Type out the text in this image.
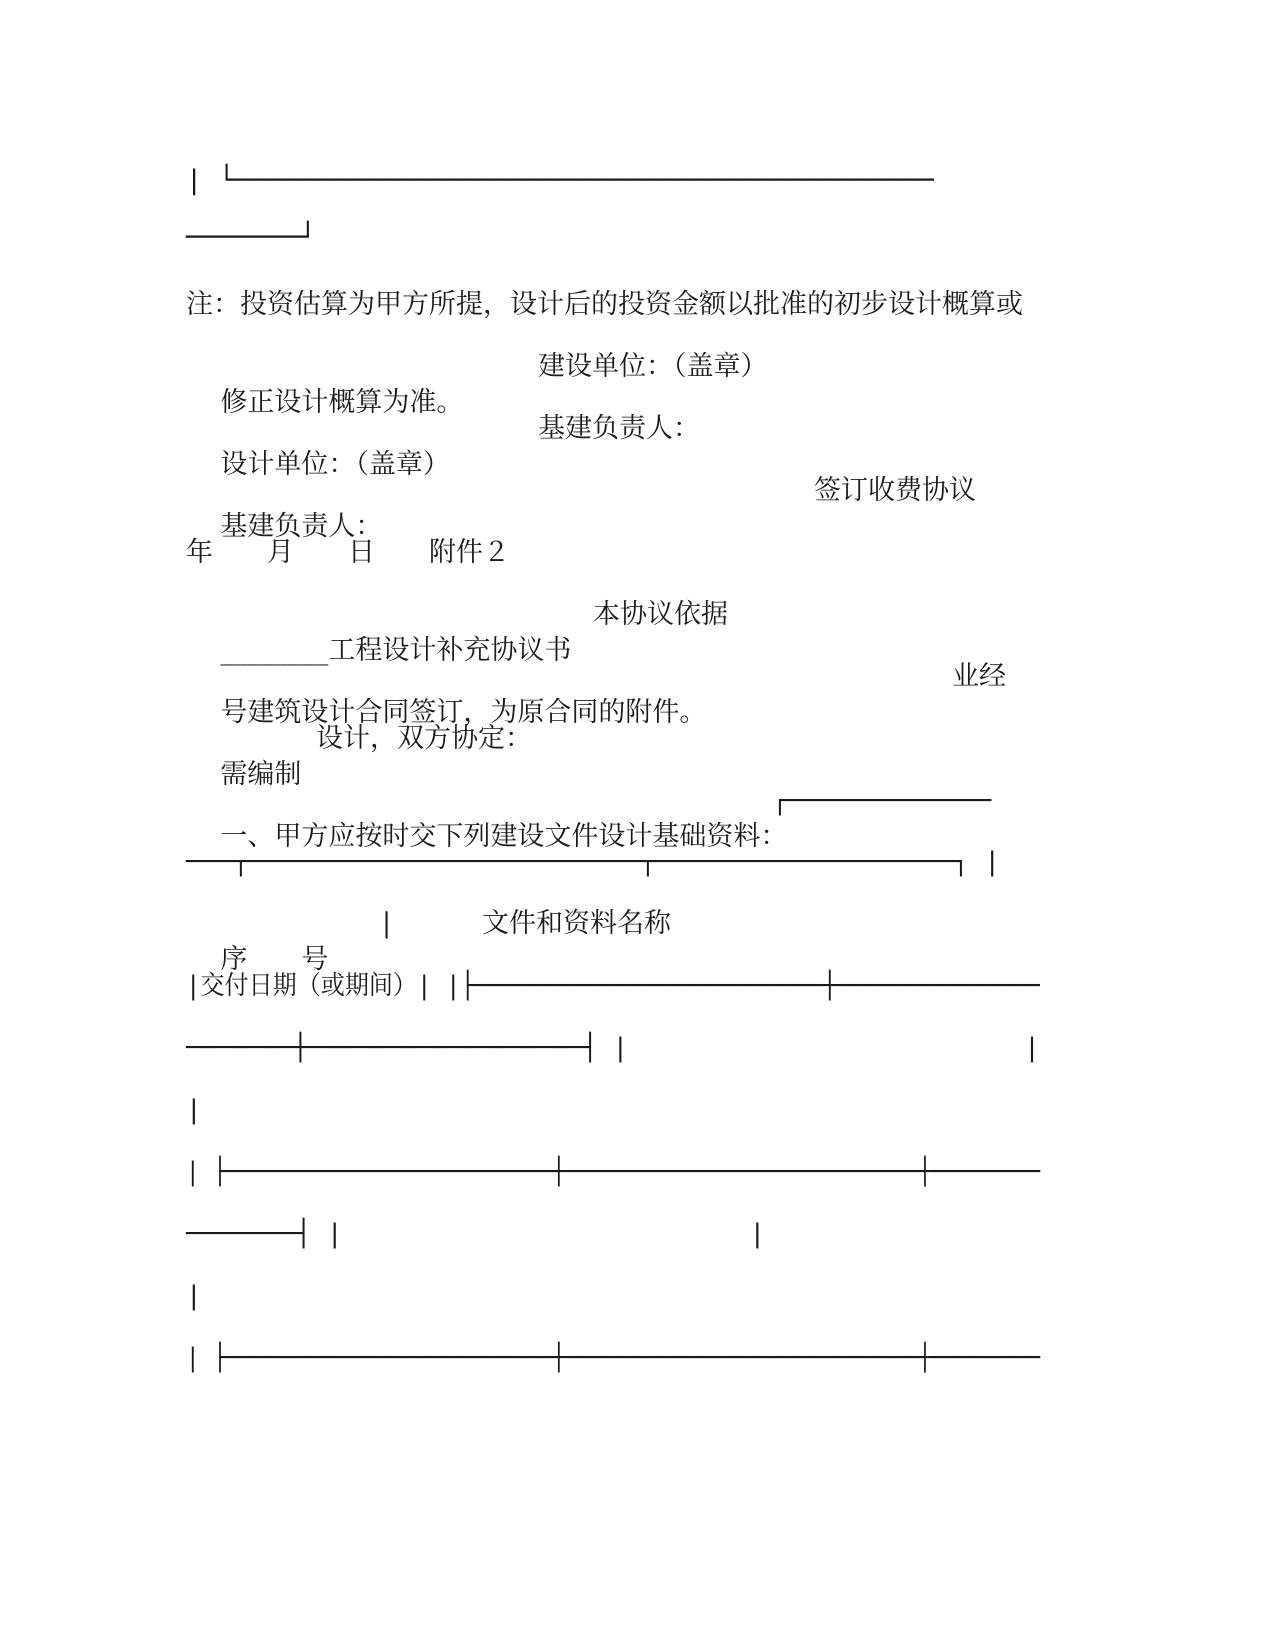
| └───────────────────────────────────────────
───────┘
注：投资估算为甲方所提，设计后的投资金额以批准的初步设计概算或

修正设计概算为准。

建设单位：（盖章）

设计单位：（盖章）

基建负责人：

基建负责人：

签订收费协议

年　　月　　日　　附件２

________工程设计补充协议书

本协议依据

号建筑设计合同签订，为原合同的附件。

业经

需编制

设计，双方协定：

一、甲方应按时交下列建设文件设计基础资料：

┌─────────────

───┬─────────────────────────┬───────────────────┐ |

序　　号

|

	文件和资料名称

|交付日期（或期间）| |├────────────────────────┼──────────────
───────┼──────────────────┤ |                          |
|
| ├────────────────────────┼──────────────────────────┼────────
───────┤ |                          |
|
| ├────────────────────────┼──────────────────────────┼────────
